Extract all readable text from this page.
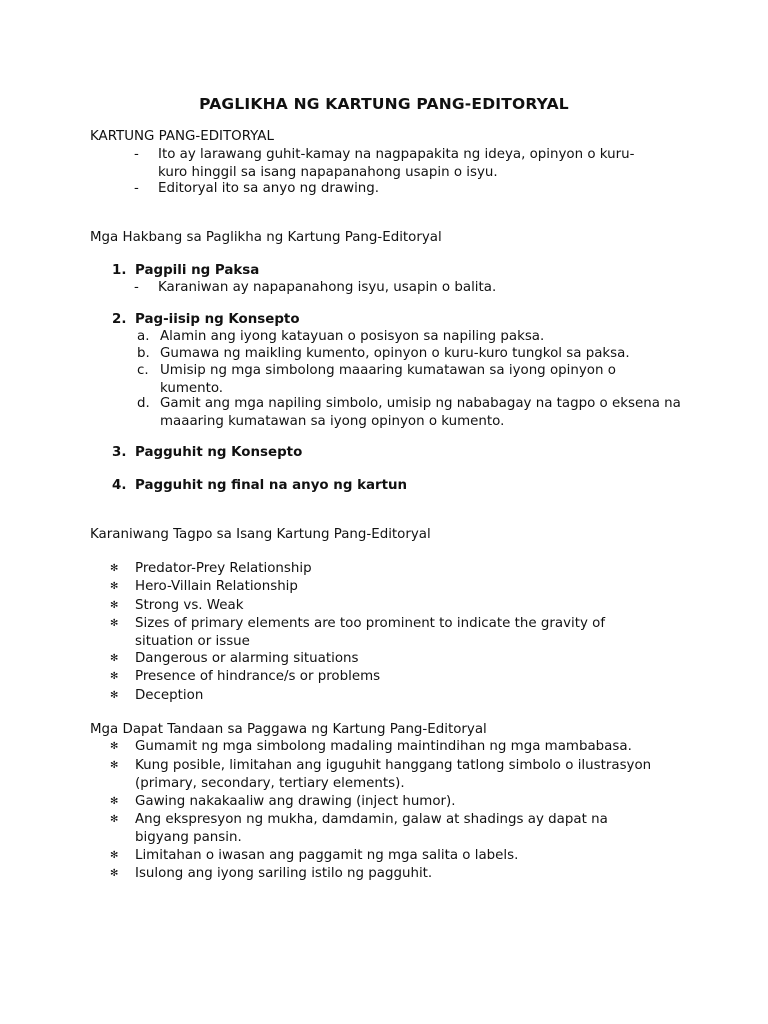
PAGLIKHA NG KARTUNG PANG-EDITORYAL
KARTUNG PANG-EDITORYAL
- Ito ay larawang guhit-kamay na nagpapakita ng ideya, opinyon o kuru-kuro hinggil sa isang napapanahong usapin o isyu.
- Editoryal ito sa anyo ng drawing.
Mga Hakbang sa Paglikha ng Kartung Pang-Editoryal
1. Pagpili ng Paksa
- Karaniwan ay napapanahong isyu, usapin o balita.
2. Pag-iisip ng Konsepto
a. Alamin ang iyong katayuan o posisyon sa napiling paksa.
b. Gumawa ng maikling kumento, opinyon o kuru-kuro tungkol sa paksa.
c. Umisip ng mga simbolong maaaring kumatawan sa iyong opinyon o kumento.
d. Gamit ang mga napiling simbolo, umisip ng nababagay na tagpo o eksena na maaaring kumatawan sa iyong opinyon o kumento.
3. Pagguhit ng Konsepto
4. Pagguhit ng final na anyo ng kartun
Karaniwang Tagpo sa Isang Kartung Pang-Editoryal
✻ Predator-Prey Relationship
✻ Hero-Villain Relationship
✻ Strong vs. Weak
✻ Sizes of primary elements are too prominent to indicate the gravity of situation or issue
✻ Dangerous or alarming situations
✻ Presence of hindrance/s or problems
✻ Deception
Mga Dapat Tandaan sa Paggawa ng Kartung Pang-Editoryal
✻ Gumamit ng mga simbolong madaling maintindihan ng mga mambabasa.
✻ Kung posible, limitahan ang iguguhit hanggang tatlong simbolo o ilustrasyon (primary, secondary, tertiary elements).
✻ Gawing nakakaaliw ang drawing (inject humor).
✻ Ang ekspresyon ng mukha, damdamin, galaw at shadings ay dapat na bigyang pansin.
✻ Limitahan o iwasan ang paggamit ng mga salita o labels.
✻ Isulong ang iyong sariling istilo ng pagguhit.
